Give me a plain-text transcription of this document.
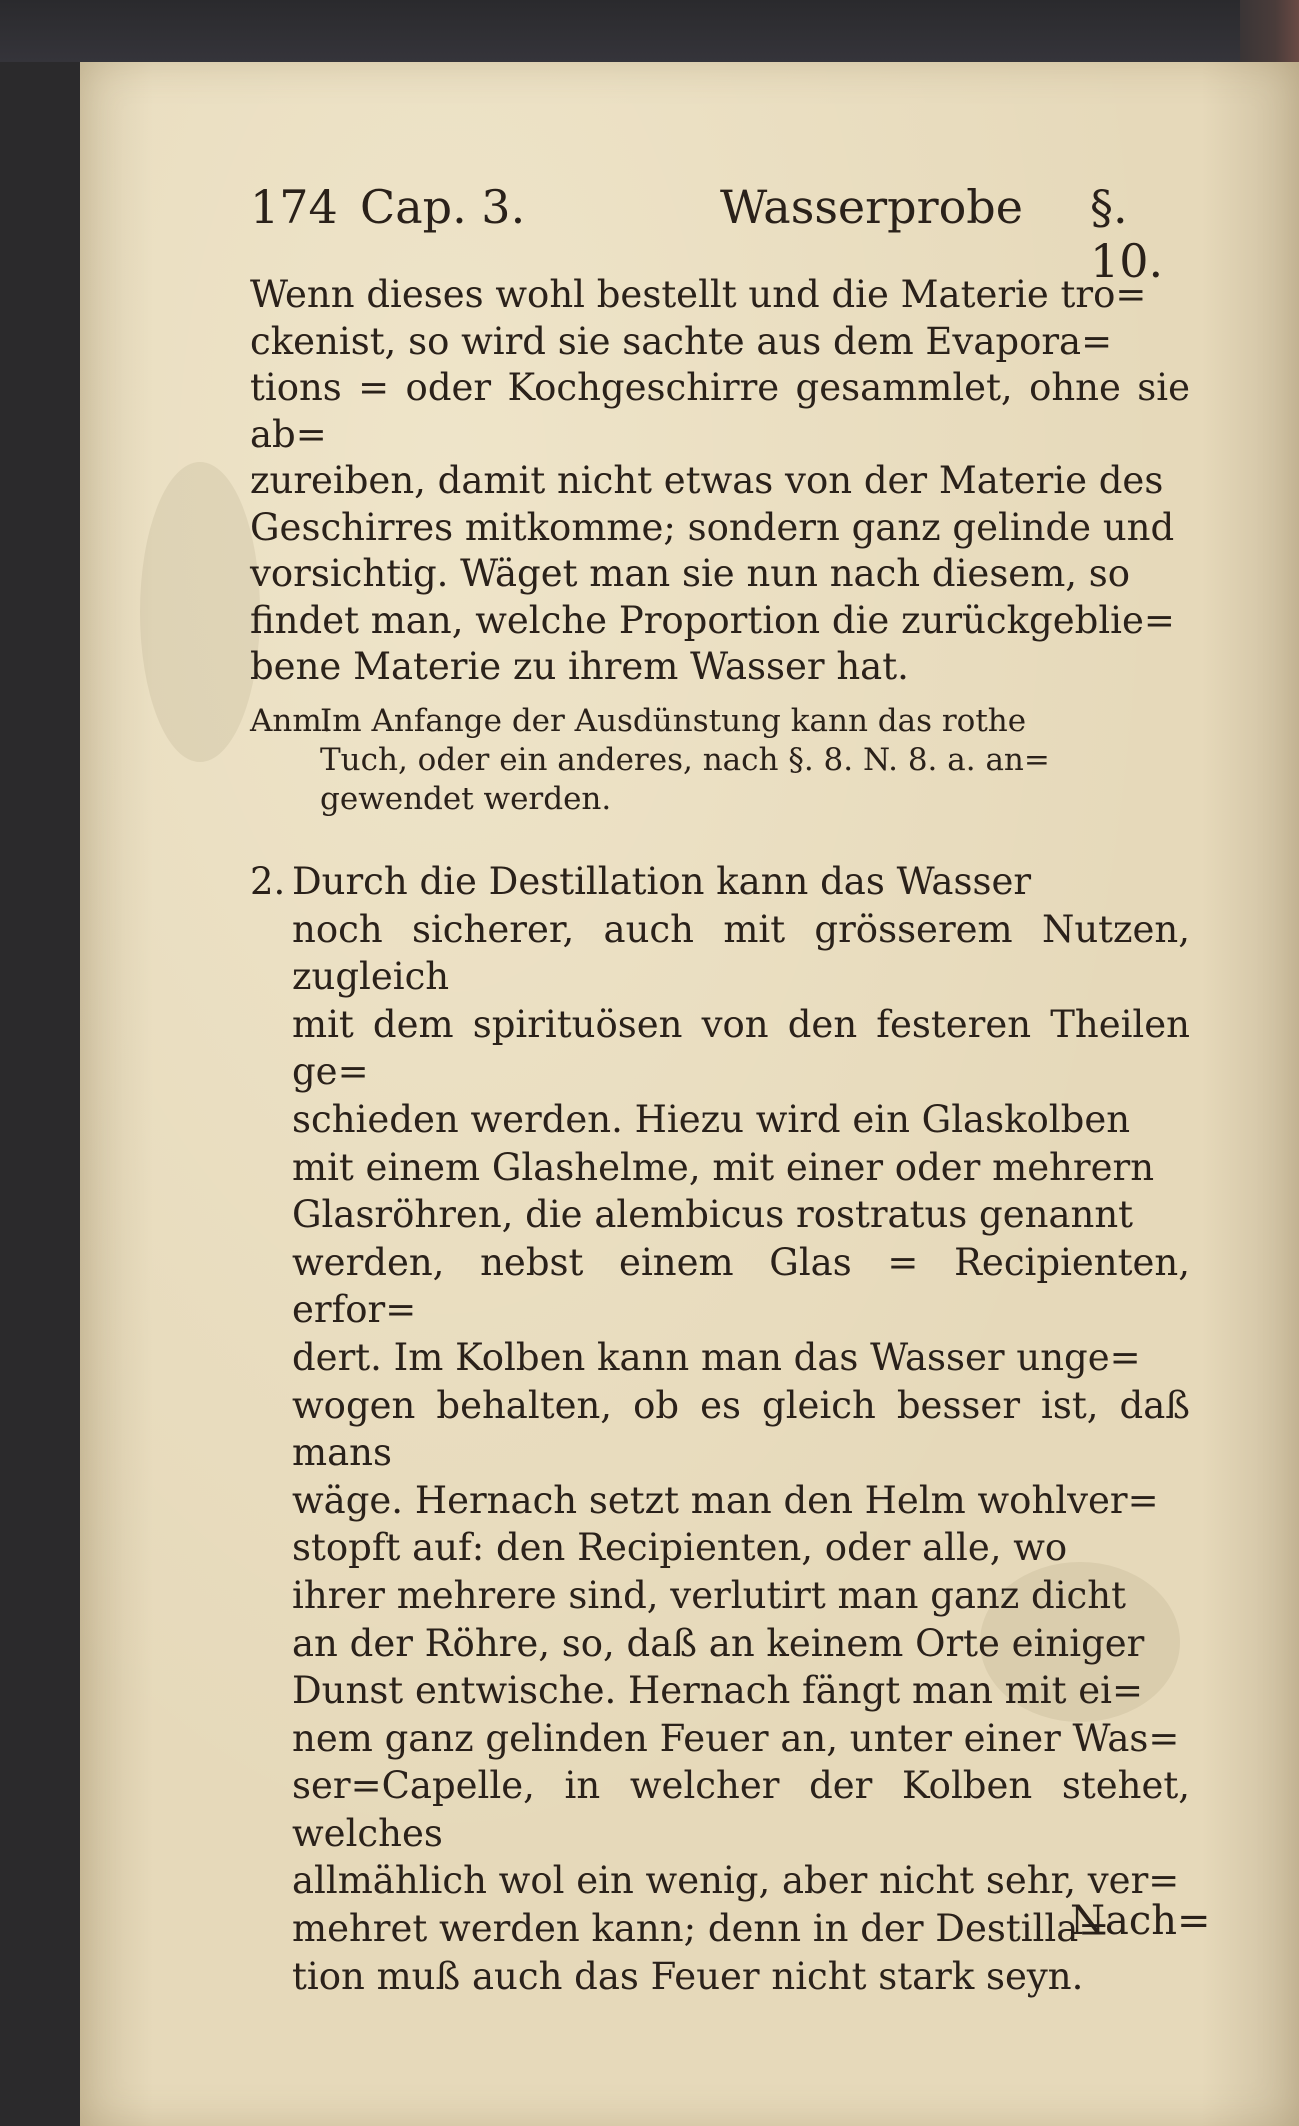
174 Cap. 3.	Wasserprobe §. 10.
Wenn dieses wohl bestellt und die Materie tro=
ckenist, so wird sie sachte aus dem Evapora=
tions = oder Kochgeschirre gesammlet, ohne sie ab=
zureiben, damit nicht etwas von der Materie des
Geschirres mitkomme; sondern ganz gelinde und
vorsichtig. Wäget man sie nun nach diesem, so
findet man, welche Proportion die zurückgeblie=
bene Materie zu ihrem Wasser hat.
Anm.
Im Anfange der Ausdünstung kann das rothe
Tuch, oder ein anderes, nach §. 8. N. 8. a. an=
gewendet werden.
2. Durch die Destillation kann das Wasser
noch sicherer, auch mit grösserem Nutzen, zugleich
mit dem spirituösen von den festeren Theilen ge=
schieden werden. Hiezu wird ein Glaskolben
mit einem Glashelme, mit einer oder mehrern
Glasröhren, die alembicus rostratus genannt
werden, nebst einem Glas = Recipienten, erfor=
dert. Im Kolben kann man das Wasser unge=
wogen behalten, ob es gleich besser ist, daß mans
wäge. Hernach setzt man den Helm wohlver=
stopft auf: den Recipienten, oder alle, wo
ihrer mehrere sind, verlutirt man ganz dicht
an der Röhre, so, daß an keinem Orte einiger
Dunst entwische. Hernach fängt man mit ei=
nem ganz gelinden Feuer an, unter einer Was=
ser=Capelle, in welcher der Kolben stehet, welches
allmählich wol ein wenig, aber nicht sehr, ver=
mehret werden kann; denn in der Destilla=
tion muß auch das Feuer nicht stark seyn.
Nach=
